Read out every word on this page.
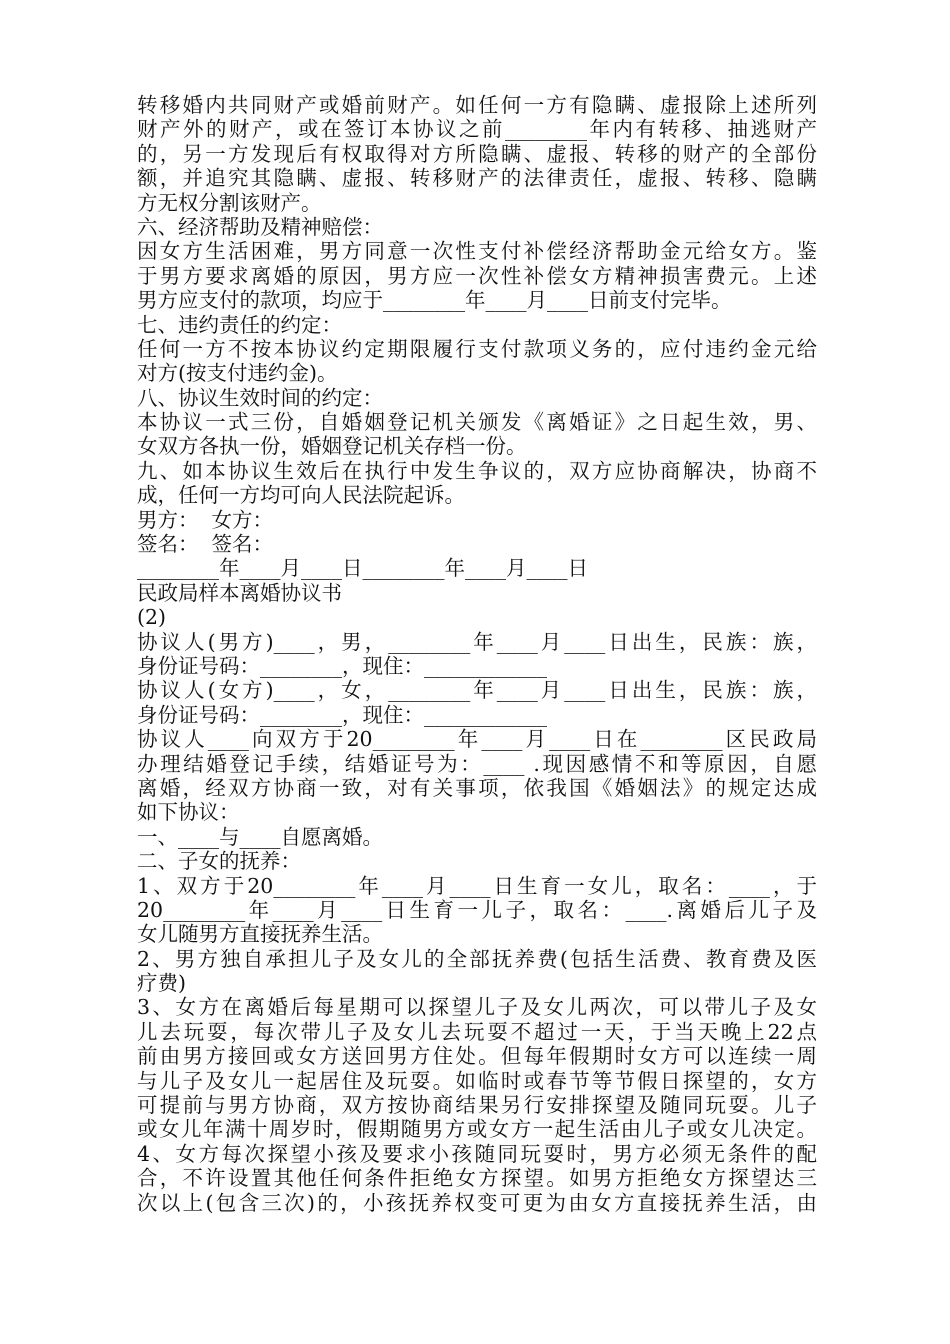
转移婚内共同财产或婚前财产。如任何一方有隐瞒、虚报除上述所列
财产外的财产，或在签订本协议之前________年内有转移、抽逃财产
的，另一方发现后有权取得对方所隐瞒、虚报、转移的财产的全部份
额，并追究其隐瞒、虚报、转移财产的法律责任，虚报、转移、隐瞒
方无权分割该财产。
六、经济帮助及精神赔偿：
因女方生活困难，男方同意一次性支付补偿经济帮助金元给女方。鉴
于男方要求离婚的原因，男方应一次性补偿女方精神损害费元。上述
男方应支付的款项，均应于________年____月____日前支付完毕。
七、违约责任的约定：
任何一方不按本协议约定期限履行支付款项义务的，应付违约金元给
对方(按支付违约金)。
八、协议生效时间的约定：
本协议一式三份，自婚姻登记机关颁发《离婚证》之日起生效，男、
女双方各执一份，婚姻登记机关存档一份。
九、如本协议生效后在执行中发生争议的，双方应协商解决，协商不
成，任何一方均可向人民法院起诉。
男方：  女方：
签名：  签名：
________年____月____日________年____月____日
民政局样本离婚协议书
(2)
协议人(男方)____，男，________年____月____日出生，民族：族，
身份证号码：________，现住：____________
协议人(女方)____，女，________年____月____日出生，民族：族，
身份证号码：________，现住：____________
协议人____向双方于20________年____月____日在________区民政局
办理结婚登记手续，结婚证号为：____ .现因感情不和等原因，自愿
离婚，经双方协商一致，对有关事项，依我国《婚姻法》的规定达成
如下协议：
一、____与____自愿离婚。
二、子女的抚养：
1、双方于20________年____月____日生育一女儿，取名：____，于
20________年____月____日生育一儿子，取名：____.离婚后儿子及
女儿随男方直接抚养生活。
2、男方独自承担儿子及女儿的全部抚养费(包括生活费、教育费及医
疗费)
3、女方在离婚后每星期可以探望儿子及女儿两次，可以带儿子及女
儿去玩耍，每次带儿子及女儿去玩耍不超过一天，于当天晚上22点
前由男方接回或女方送回男方住处。但每年假期时女方可以连续一周
与儿子及女儿一起居住及玩耍。如临时或春节等节假日探望的，女方
可提前与男方协商，双方按协商结果另行安排探望及随同玩耍。儿子
或女儿年满十周岁时，假期随男方或女方一起生活由儿子或女儿决定。
4、女方每次探望小孩及要求小孩随同玩耍时，男方必须无条件的配
合，不许设置其他任何条件拒绝女方探望。如男方拒绝女方探望达三
次以上(包含三次)的，小孩抚养权变可更为由女方直接抚养生活，由
